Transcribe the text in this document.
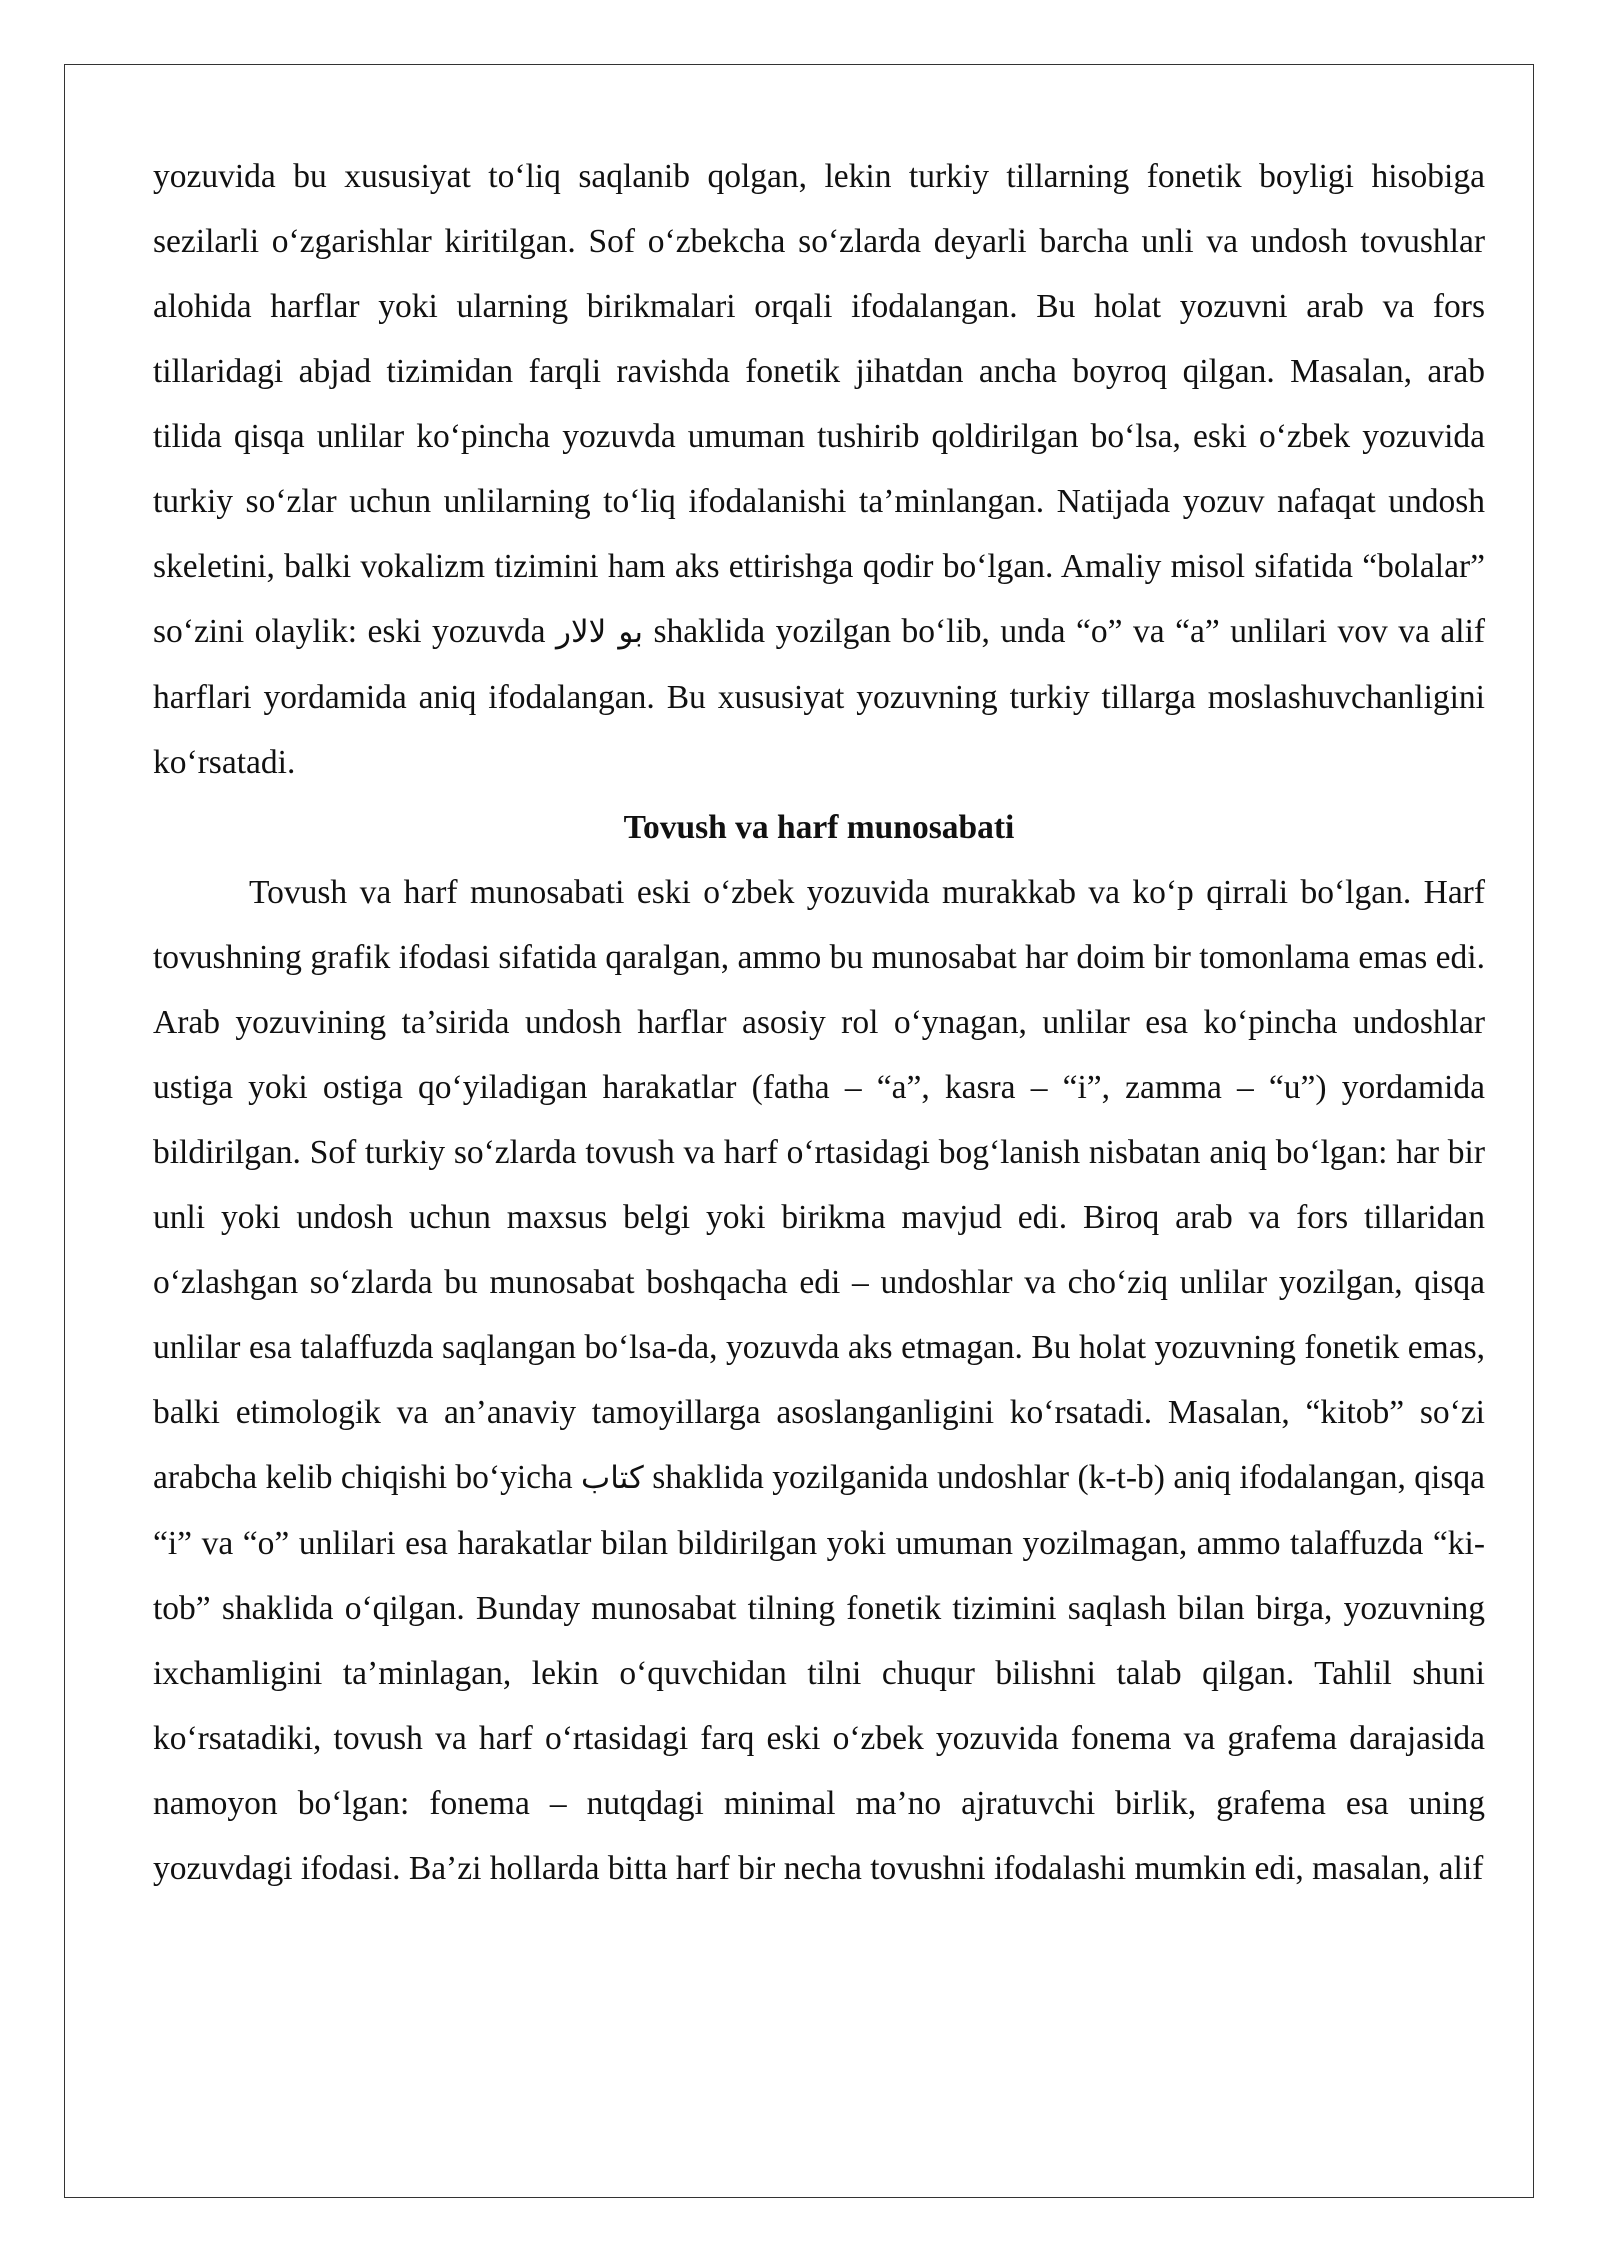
yozuvida bu xususiyat to‘liq saqlanib qolgan, lekin turkiy tillarning fonetik boyligi hisobiga sezilarli o‘zgarishlar kiritilgan. Sof o‘zbekcha so‘zlarda deyarli barcha unli va undosh tovushlar alohida harflar yoki ularning birikmalari orqali ifodalangan. Bu holat yozuvni arab va fors tillaridagi abjad tizimidan farqli ravishda fonetik jihatdan ancha boyroq qilgan. Masalan, arab tilida qisqa unlilar ko‘pincha yozuvda umuman tushirib qoldirilgan bo‘lsa, eski o‘zbek yozuvida turkiy so‘zlar uchun unlilarning to‘liq ifodalanishi ta’minlangan. Natijada yozuv nafaqat undosh skeletini, balki vokalizm tizimini ham aks ettirishga qodir bo‘lgan. Amaliy misol sifatida “bolalar” so‘zini olaylik: eski yozuvda بو لالار shaklida yozilgan bo‘lib, unda “o” va “a” unlilari vov va alif harflari yordamida aniq ifodalangan. Bu xususiyat yozuvning turkiy tillarga moslashuvchanligini ko‘rsatadi.

Tovush va harf munosabati

Tovush va harf munosabati eski o‘zbek yozuvida murakkab va ko‘p qirrali bo‘lgan. Harf tovushning grafik ifodasi sifatida qaralgan, ammo bu munosabat har doim bir tomonlama emas edi. Arab yozuvining ta’sirida undosh harflar asosiy rol o‘ynagan, unlilar esa ko‘pincha undoshlar ustiga yoki ostiga qo‘yiladigan harakatlar (fatha – “a”, kasra – “i”, zamma – “u”) yordamida bildirilgan. Sof turkiy so‘zlarda tovush va harf o‘rtasidagi bog‘lanish nisbatan aniq bo‘lgan: har bir unli yoki undosh uchun maxsus belgi yoki birikma mavjud edi. Biroq arab va fors tillaridan o‘zlashgan so‘zlarda bu munosabat boshqacha edi – undoshlar va cho‘ziq unlilar yozilgan, qisqa unlilar esa talaffuzda saqlangan bo‘lsa-da, yozuvda aks etmagan. Bu holat yozuvning fonetik emas, balki etimologik va an’anaviy tamoyillarga asoslanganligini ko‘rsatadi. Masalan, “kitob” so‘zi arabcha kelib chiqishi bo‘yicha كتاب shaklida yozilganida undoshlar (k-t-b) aniq ifodalangan, qisqa “i” va “o” unlilari esa harakatlar bilan bildirilgan yoki umuman yozilmagan, ammo talaffuzda “ki-tob” shaklida o‘qilgan. Bunday munosabat tilning fonetik tizimini saqlash bilan birga, yozuvning ixchamligini ta’minlagan, lekin o‘quvchidan tilni chuqur bilishni talab qilgan. Tahlil shuni ko‘rsatadiki, tovush va harf o‘rtasidagi farq eski o‘zbek yozuvida fonema va grafema darajasida namoyon bo‘lgan: fonema – nutqdagi minimal ma’no ajratuvchi birlik, grafema esa uning yozuvdagi ifodasi. Ba’zi hollarda bitta harf bir necha tovushni ifodalashi mumkin edi, masalan, alif
